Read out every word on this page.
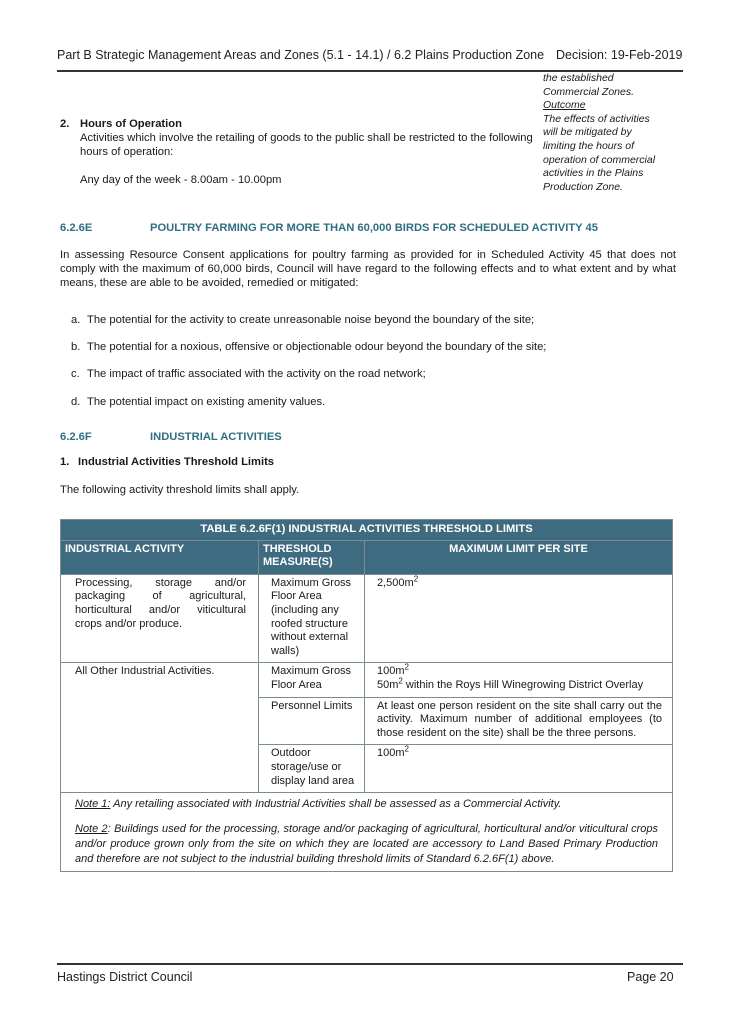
Part B Strategic Management Areas and Zones (5.1 - 14.1) / 6.2 Plains Production Zone Decision: 19-Feb-2019
the established
Commercial Zones.
Outcome
The effects of activities
will be mitigated by
limiting the hours of
operation of commercial
activities in the Plains
Production Zone.
2. Hours of Operation
Activities which involve the retailing of goods to the public shall be restricted to the following hours of operation:
Any day of the week - 8.00am - 10.00pm
6.2.6E	POULTRY FARMING FOR MORE THAN 60,000 BIRDS FOR SCHEDULED ACTIVITY 45
In assessing Resource Consent applications for poultry farming as provided for in Scheduled Activity 45 that does not comply with the maximum of 60,000 birds, Council will have regard to the following effects and to what extent and by what means, these are able to be avoided, remedied or mitigated:
a. The potential for the activity to create unreasonable noise beyond the boundary of the site;
b. The potential for a noxious, offensive or objectionable odour beyond the boundary of the site;
c. The impact of traffic associated with the activity on the road network;
d. The potential impact on existing amenity values.
6.2.6F	INDUSTRIAL ACTIVITIES
1. Industrial Activities Threshold Limits
The following activity threshold limits shall apply.
TABLE 6.2.6F(1) INDUSTRIAL ACTIVITIES THRESHOLD LIMITS		
INDUSTRIAL ACTIVITY	THRESHOLD MEASURE(S)	MAXIMUM LIMIT PER SITE
Processing, storage and/or packaging of agricultural, horticultural and/or viticultural crops and/or produce.	Maximum Gross Floor Area (including any roofed structure without external walls)	$2,500m^2$
All Other Industrial Activities.	Maximum Gross Floor Area	$100m^2$
$50m^2$ within the Roys Hill Winegrowing District Overlay

	Personnel Limits	At least one person resident on the site shall carry out the activity. Maximum number of additional employees (to those resident on the site) shall be the three persons.
	Outdoor storage/use or display land area	$100m^2$

Note 1: Any retailing associated with Industrial Activities shall be assessed as a Commercial Activity.
Note 2: Buildings used for the processing, storage and/or packaging of agricultural, horticultural and/or viticultural crops and/or produce grown only from the site on which they are located are accessory to Land Based Primary Production and therefore are not subject to the industrial building threshold limits of Standard 6.2.6F(1) above.		
Hastings District Council	Page 20
